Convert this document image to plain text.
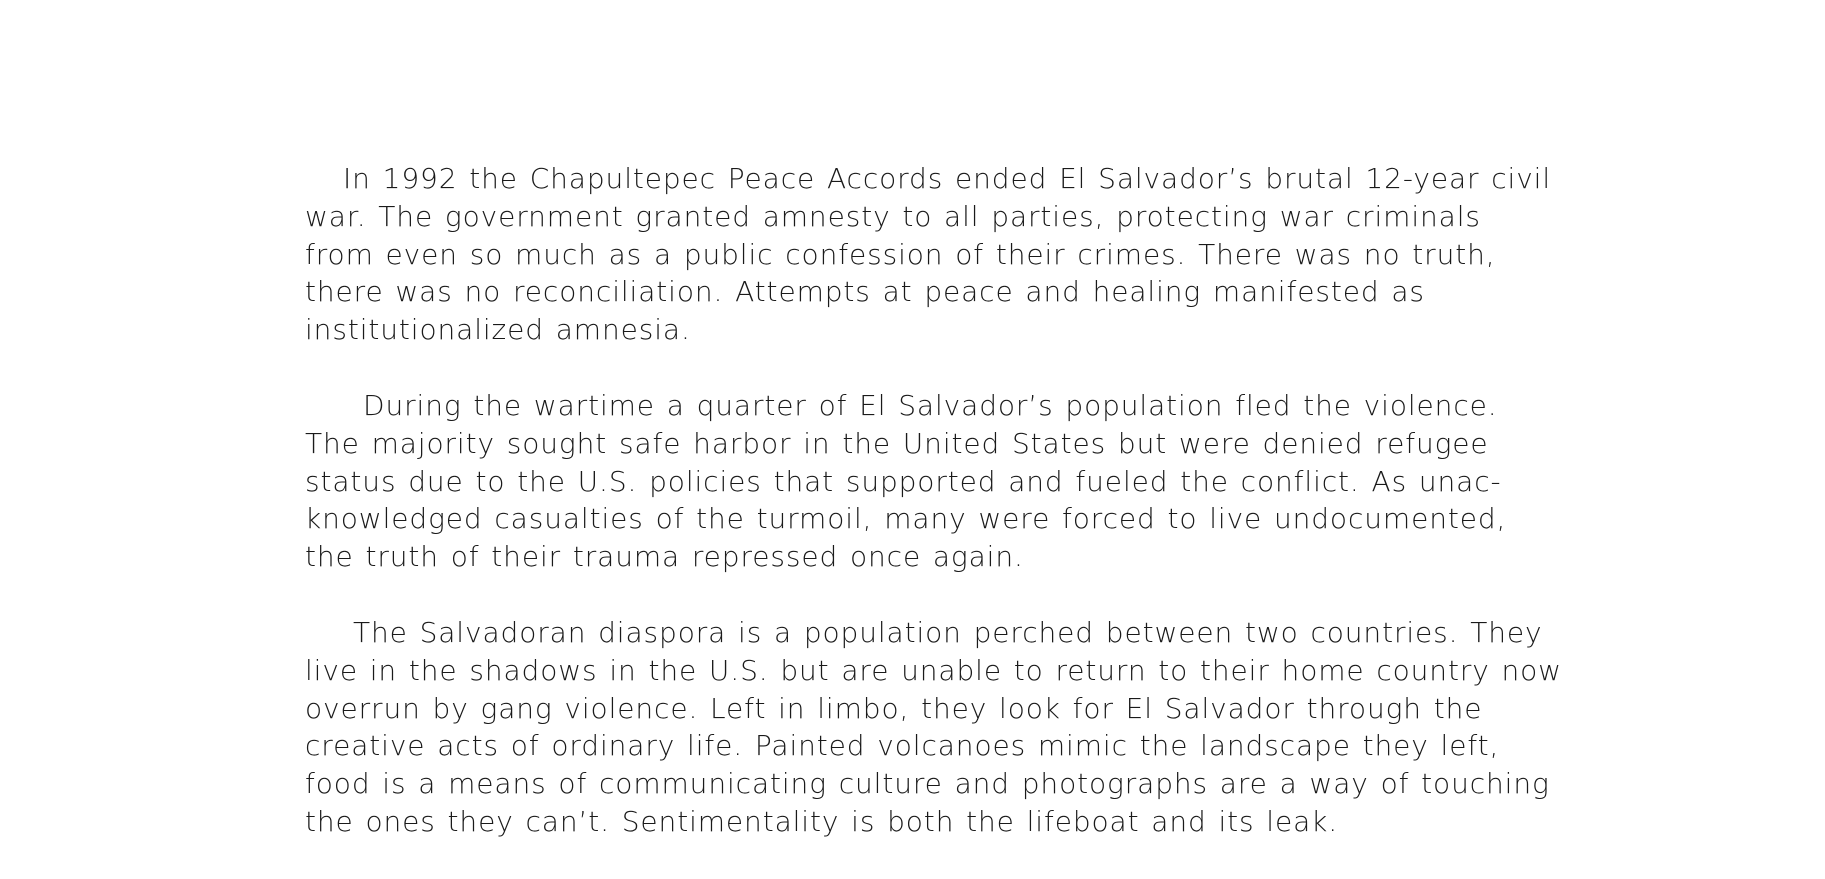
In 1992 the Chapultepec Peace Accords ended El Salvador’s brutal 12-year civil
war. The government granted amnesty to all parties, protecting war criminals
from even so much as a public confession of their crimes. There was no truth,
there was no reconciliation. Attempts at peace and healing manifested as
institutionalized amnesia.

During the wartime a quarter of El Salvador’s population fled the violence.
The majority sought safe harbor in the United States but were denied refugee
status due to the U.S. policies that supported and fueled the conflict. As unac-
knowledged casualties of the turmoil, many were forced to live undocumented,
the truth of their trauma repressed once again.

The Salvadoran diaspora is a population perched between two countries. They
live in the shadows in the U.S. but are unable to return to their home country now
overrun by gang violence. Left in limbo, they look for El Salvador through the
creative acts of ordinary life. Painted volcanoes mimic the landscape they left,
food is a means of communicating culture and photographs are a way of touching
the ones they can’t. Sentimentality is both the lifeboat and its leak.
